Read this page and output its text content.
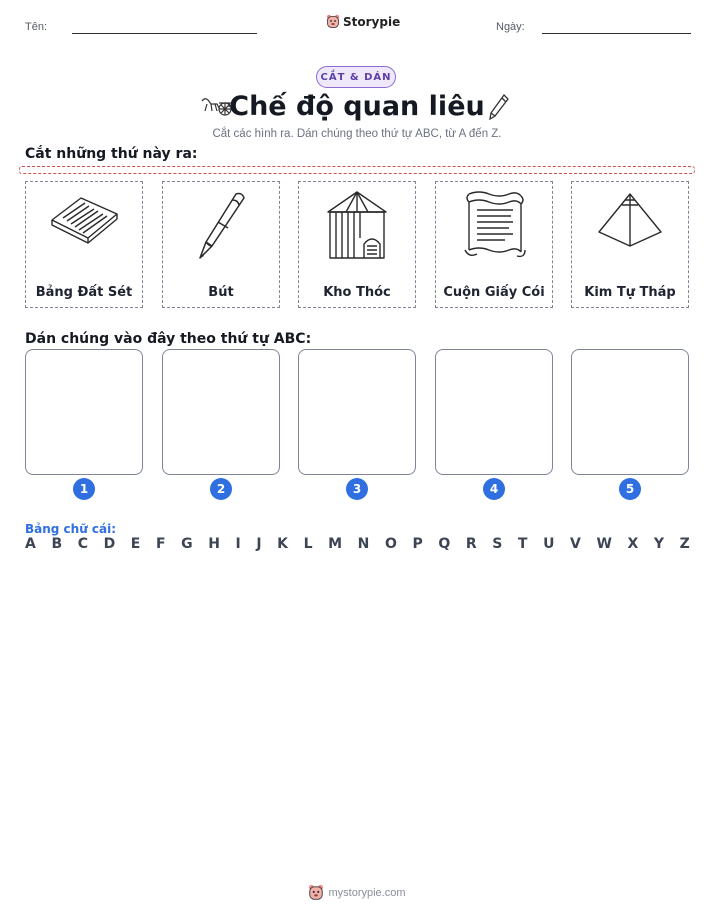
Tên:	Storypie	Ngày:
CẮT & DÁN
Chế độ quan liêu
Cắt các hình ra. Dán chúng theo thứ tự ABC, từ A đến Z.
Cắt những thứ này ra:
Bảng Đất Sét	Bút	Kho Thóc	Cuộn Giấy Cói	Kim Tự Tháp
Dán chúng vào đây theo thứ tự ABC:
1	2	3	4	5
Bảng chữ cái:
A B C D E F G H I J K L M N O P Q R S T U V W X Y Z
mystorypie.com
